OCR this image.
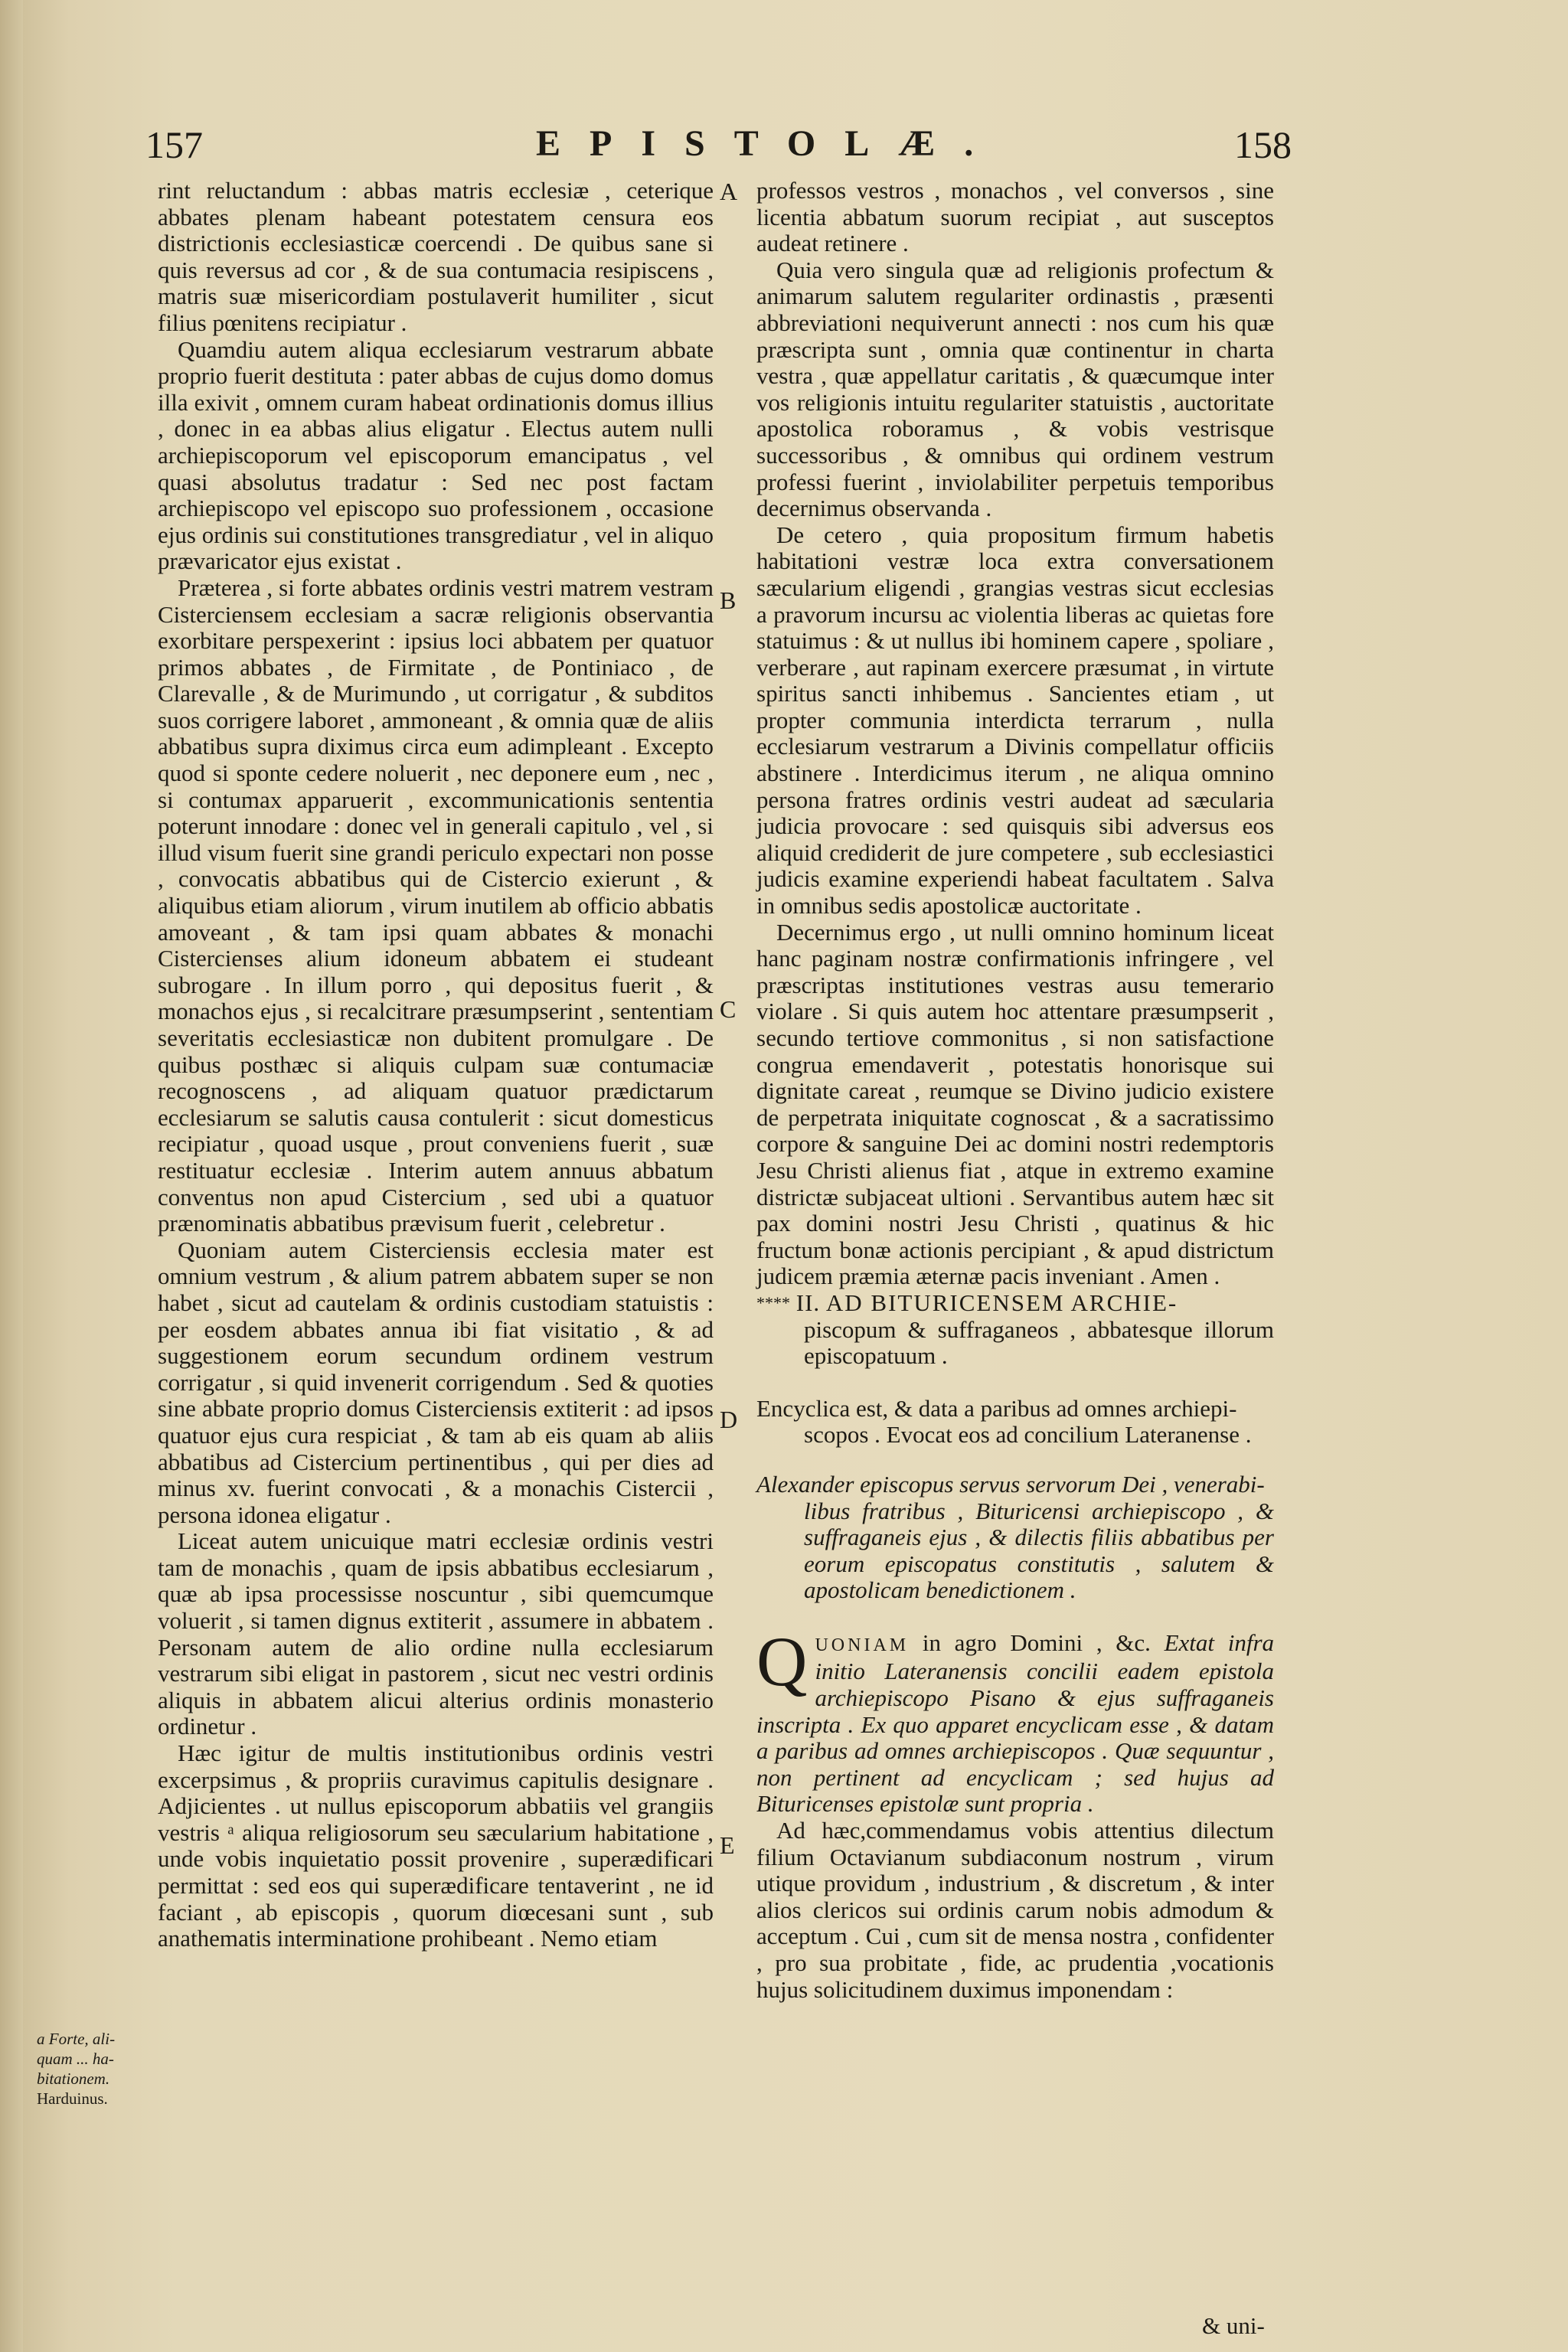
157	EPISTOLÆ.	158

rint reluctandum : abbas matris ecclesiæ , ceterique abbates plenam habeant potestatem censura eos districtionis ecclesiasticæ coercendi . De quibus sane si quis reversus ad cor , & de sua contumacia resipiscens , matris suæ misericordiam postulaverit humiliter , sicut filius pœnitens recipiatur .

Quamdiu autem aliqua ecclesiarum vestrarum abbate proprio fuerit destituta : pater abbas de cujus domo domus illa exivit , omnem curam habeat ordinationis domus illius , donec in ea abbas alius eligatur . Electus autem nulli archiepiscoporum vel episcoporum emancipatus , vel quasi absolutus tradatur : Sed nec post factam archiepiscopo vel episcopo suo professionem , occasione ejus ordinis sui constitutiones transgrediatur , vel in aliquo prævaricator ejus existat .

Præterea , si forte abbates ordinis vestri matrem vestram Cisterciensem ecclesiam a sacræ religionis observantia exorbitare perspexerint : ipsius loci abbatem per quatuor primos abbates , de Firmitate , de Pontiniaco , de Clarevalle , & de Murimundo , ut corrigatur , & subditos suos corrigere laboret , ammoneant , & omnia quæ de aliis abbatibus supra diximus circa eum adimpleant . Excepto quod si sponte cedere noluerit , nec deponere eum , nec , si contumax apparuerit , excommunicationis sententia poterunt innodare : donec vel in generali capitulo , vel , si illud visum fuerit sine grandi periculo expectari non posse , convocatis abbatibus qui de Cistercio exierunt , & aliquibus etiam aliorum , virum inutilem ab officio abbatis amoveant , & tam ipsi quam abbates & monachi Cistercienses alium idoneum abbatem ei studeant subrogare . In illum porro , qui depositus fuerit , & monachos ejus , si recalcitrare præsumpserint , sententiam severitatis ecclesiasticæ non dubitent promulgare . De quibus posthæc si aliquis culpam suæ contumaciæ recognoscens , ad aliquam quatuor prædictarum ecclesiarum se salutis causa contulerit : sicut domesticus recipiatur , quoad usque , prout conveniens fuerit , suæ restituatur ecclesiæ . Interim autem annuus abbatum conventus non apud Cistercium , sed ubi a quatuor prænominatis abbatibus prævisum fuerit , celebretur .

Quoniam autem Cisterciensis ecclesia mater est omnium vestrum , & alium patrem abbatem super se non habet , sicut ad cautelam & ordinis custodiam statuistis : per eosdem abbates annua ibi fiat visitatio , & ad suggestionem eorum secundum ordinem vestrum corrigatur , si quid invenerit corrigendum . Sed & quoties sine abbate proprio domus Cisterciensis extiterit : ad ipsos quatuor ejus cura respiciat , & tam ab eis quam ab aliis abbatibus ad Cistercium pertinentibus , qui per dies ad minus xv. fuerint convocati , & a monachis Cistercii , persona idonea eligatur .

Liceat autem unicuique matri ecclesiæ ordinis vestri tam de monachis , quam de ipsis abbatibus ecclesiarum , quæ ab ipsa processisse noscuntur , sibi quemcumque voluerit , si tamen dignus extiterit , assumere in abbatem . Personam autem de alio ordine nulla ecclesiarum vestrarum sibi eligat in pastorem , sicut nec vestri ordinis aliquis in abbatem alicui alterius ordinis monasterio ordinetur .

Hæc igitur de multis institutionibus ordinis vestri excerpsimus , & propriis curavimus capitulis designare . Adjicientes . ut nullus episcoporum abbatiis vel grangiis vestris ᵃ aliqua religiosorum seu sæcularium habitatione , unde vobis inquietatio possit provenire , superædificari permittat : sed eos qui superædificare tentaverint , ne id faciant , ab episcopis , quorum diœcesani sunt , sub anathematis interminatione prohibeant . Nemo etiam

A
B
C
D
E

professos vestros , monachos , vel conversos , sine licentia abbatum suorum recipiat , aut susceptos audeat retinere .

Quia vero singula quæ ad religionis profectum & animarum salutem regulariter ordinastis , præsenti abbreviationi nequiverunt annecti : nos cum his quæ præscripta sunt , omnia quæ continentur in charta vestra , quæ appellatur caritatis , & quæcumque inter vos religionis intuitu regulariter statuistis , auctoritate apostolica roboramus , & vobis vestrisque successoribus , & omnibus qui ordinem vestrum professi fuerint , inviolabiliter perpetuis temporibus decernimus observanda .

De cetero , quia propositum firmum habetis habitationi vestræ loca extra conversationem sæcularium eligendi , grangias vestras sicut ecclesias a pravorum incursu ac violentia liberas ac quietas fore statuimus : & ut nullus ibi hominem capere , spoliare , verberare , aut rapinam exercere præsumat , in virtute spiritus sancti inhibemus . Sancientes etiam , ut propter communia interdicta terrarum , nulla ecclesiarum vestrarum a Divinis compellatur officiis abstinere . Interdicimus iterum , ne aliqua omnino persona fratres ordinis vestri audeat ad sæcularia judicia provocare : sed quisquis sibi adversus eos aliquid crediderit de jure competere , sub ecclesiastici judicis examine experiendi habeat facultatem . Salva in omnibus sedis apostolicæ auctoritate .

Decernimus ergo , ut nulli omnino hominum liceat hanc paginam nostræ confirmationis infringere , vel præscriptas institutiones vestras ausu temerario violare . Si quis autem hoc attentare præsumpserit , secundo tertiove commonitus , si non satisfactione congrua emendaverit , potestatis honorisque sui dignitate careat , reumque se Divino judicio existere de perpetrata iniquitate cognoscat , & a sacratissimo corpore & sanguine Dei ac domini nostri redemptoris Jesu Christi alienus fiat , atque in extremo examine districtæ subjaceat ultioni . Servantibus autem hæc sit pax domini nostri Jesu Christi , quatinus & hic fructum bonæ actionis percipiant , & apud districtum judicem præmia æternæ pacis inveniant . Amen .

**** II. AD BITURICENSEM ARCHIE-

piscopum & suffraganeos , abbatesque illorum episcopatuum .

Encyclica est, & data a paribus ad omnes archiepi-

scopos . Evocat eos ad concilium Lateranense .

Alexander episcopus servus servorum Dei , venerabi-

libus fratribus , Bituricensi archiepiscopo , & suffraganeis ejus , & dilectis filiis abbatibus per eorum episcopatus constitutis , salutem & apostolicam benedictionem .

Q UONIAM in agro Domini , &c. Extat infra initio Lateranensis concilii eadem epistola archiepiscopo Pisano & ejus suffraganeis inscripta . Ex quo apparet encyclicam esse , & datam a paribus ad omnes archiepiscopos . Quæ sequuntur , non pertinent ad encyclicam ; sed hujus ad Bituricenses epistolæ sunt propria .

Ad hæc,commendamus vobis attentius dilectum filium Octavianum subdiaconum nostrum , virum utique providum , industrium , & discretum , & inter alios clericos sui ordinis carum nobis admodum & acceptum . Cui , cum sit de mensa nostra , confidenter , pro sua probitate , fide, ac prudentia ,vocationis hujus solicitudinem duximus imponendam :

& uni-
a Forte, ali-
quam ... ha-
bitationem.
Harduinus.
